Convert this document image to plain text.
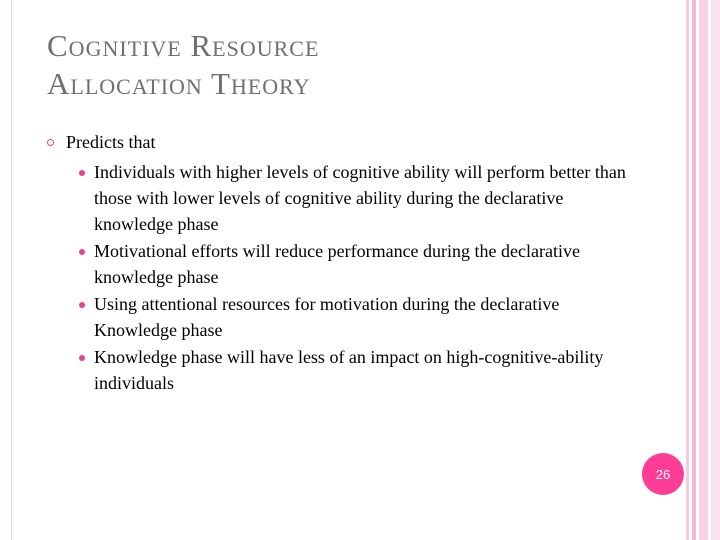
Cognitive Resource
Allocation Theory
Predicts that
Individuals with higher levels of cognitive ability will perform better than those with lower levels of cognitive ability during the declarative knowledge phase
Motivational efforts will reduce performance during the declarative knowledge phase
Using attentional resources for motivation during the declarative Knowledge phase
Knowledge phase will have less of an impact on high-cognitive-ability individuals
26
